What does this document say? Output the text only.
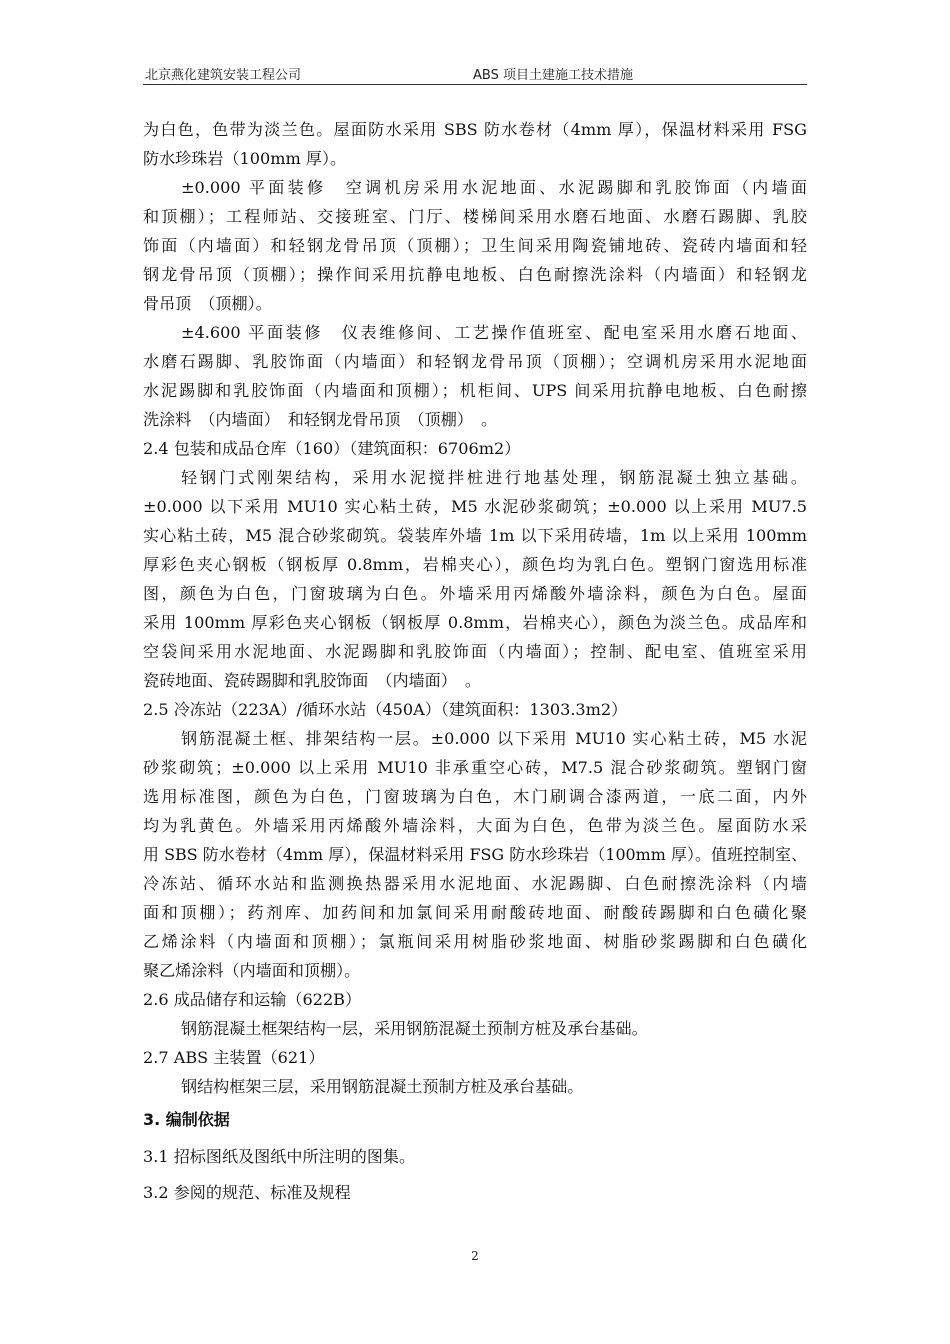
北京燕化建筑安装工程公司	ABS 项目土建施工技术措施
为白色，色带为淡兰色。屋面防水采用 SBS 防水卷材（4mm 厚），保温材料采用 FSG
防水珍珠岩（100mm 厚）。
±0.000 平面装修　空调机房采用水泥地面、水泥踢脚和乳胶饰面（内墙面
和顶棚）；工程师站、交接班室、门厅、楼梯间采用水磨石地面、水磨石踢脚、乳胶
饰面（内墙面）和轻钢龙骨吊顶（顶棚）；卫生间采用陶瓷铺地砖、瓷砖内墙面和轻
钢龙骨吊顶（顶棚）；操作间采用抗静电地板、白色耐擦洗涂料（内墙面）和轻钢龙
骨吊顶　（顶棚）。
±4.600 平面装修　仪表维修间、工艺操作值班室、配电室采用水磨石地面、
水磨石踢脚、乳胶饰面（内墙面）和轻钢龙骨吊顶（顶棚）；空调机房采用水泥地面
水泥踢脚和乳胶饰面（内墙面和顶棚）；机柜间、UPS 间采用抗静电地板、白色耐擦
洗涂料　（内墙面）　和轻钢龙骨吊顶　（顶棚）　。
2.4 包装和成品仓库（160）（建筑面积：6706m2）
轻钢门式刚架结构，采用水泥搅拌桩进行地基处理，钢筋混凝土独立基础。
±0.000 以下采用 MU10 实心粘土砖，M5 水泥砂浆砌筑；±0.000 以上采用 MU7.5
实心粘土砖，M5 混合砂浆砌筑。袋装库外墙 1m 以下采用砖墙，1m 以上采用 100mm
厚彩色夹心钢板（钢板厚 0.8mm，岩棉夹心），颜色均为乳白色。塑钢门窗选用标准
图，颜色为白色，门窗玻璃为白色。外墙采用丙烯酸外墙涂料，颜色为白色。屋面
采用 100mm 厚彩色夹心钢板（钢板厚 0.8mm，岩棉夹心），颜色为淡兰色。成品库和
空袋间采用水泥地面、水泥踢脚和乳胶饰面（内墙面）；控制、配电室、值班室采用
瓷砖地面、瓷砖踢脚和乳胶饰面　（内墙面）　。
2.5 冷冻站（223A）/循环水站（450A）（建筑面积：1303.3m2）
钢筋混凝土框、排架结构一层。±0.000 以下采用 MU10 实心粘土砖，M5 水泥
砂浆砌筑；±0.000 以上采用 MU10 非承重空心砖，M7.5 混合砂浆砌筑。塑钢门窗
选用标准图，颜色为白色，门窗玻璃为白色，木门刷调合漆两道，一底二面，内外
均为乳黄色。外墙采用丙烯酸外墙涂料，大面为白色，色带为淡兰色。屋面防水采
用 SBS 防水卷材（4mm 厚），保温材料采用 FSG 防水珍珠岩（100mm 厚）。值班控制室、
冷冻站、循环水站和监测换热器采用水泥地面、水泥踢脚、白色耐擦洗涂料（内墙
面和顶棚）；药剂库、加药间和加氯间采用耐酸砖地面、耐酸砖踢脚和白色磺化聚
乙烯涂料（内墙面和顶棚）；氯瓶间采用树脂砂浆地面、树脂砂浆踢脚和白色磺化
聚乙烯涂料（内墙面和顶棚）。
2.6 成品储存和运输（622B）
钢筋混凝土框架结构一层，采用钢筋混凝土预制方桩及承台基础。
2.7 ABS 主装置（621）
钢结构框架三层，采用钢筋混凝土预制方桩及承台基础。
3. 编制依据
3.1 招标图纸及图纸中所注明的图集。
3.2 参阅的规范、标准及规程
2
